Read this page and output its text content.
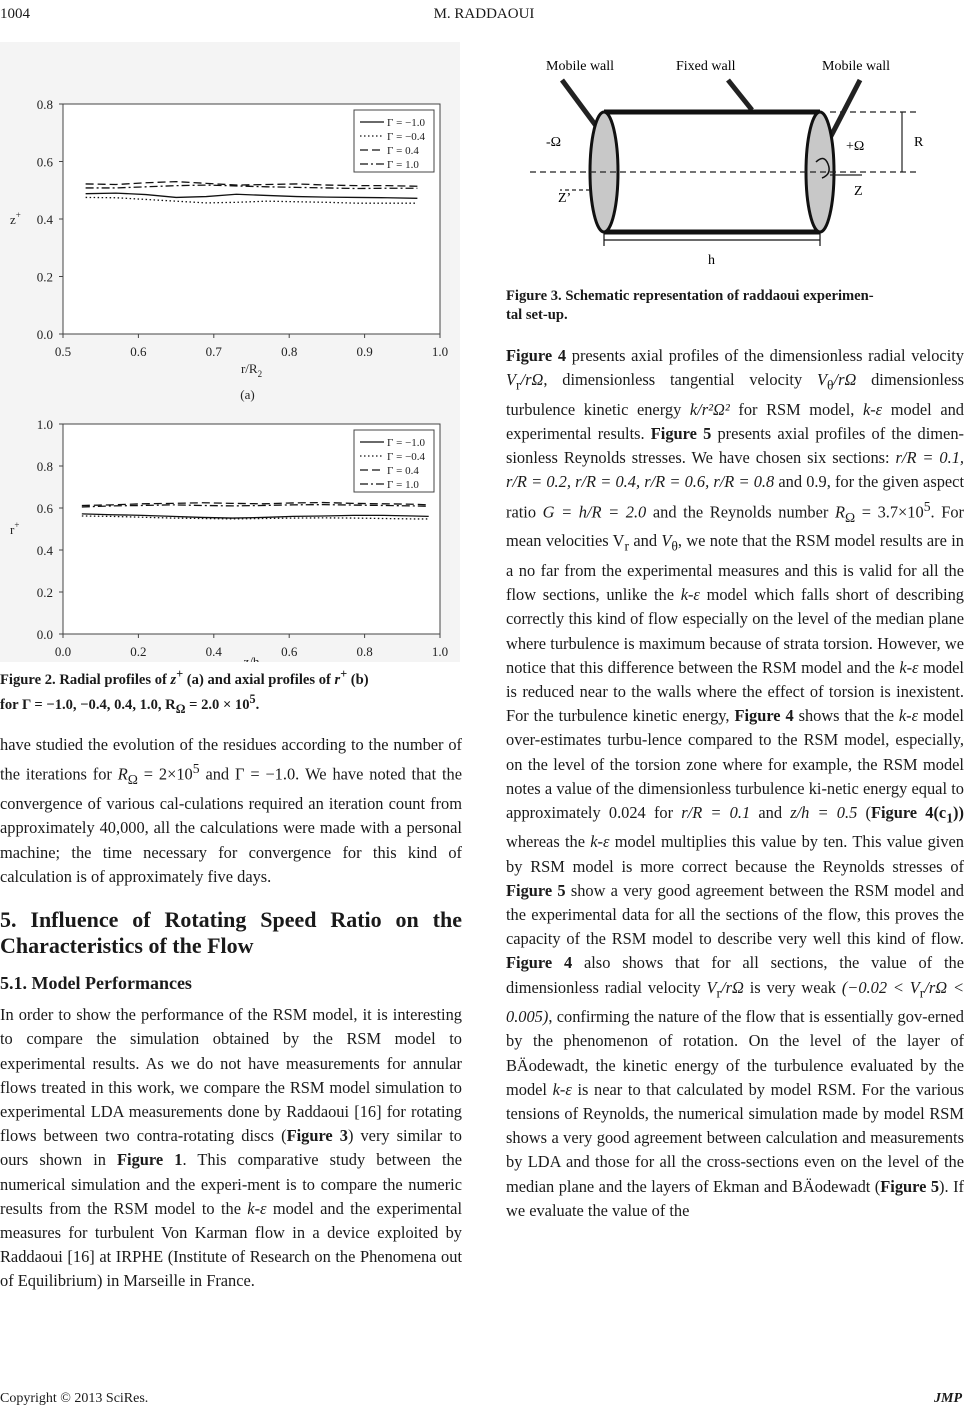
1004	M. RADDAOUI
0.0
0.2
0.4
0.6
0.8
0.5	0.6	0.7	0.8	0.9	1.0
$r/R_2$
z+
(a)
Γ = −1.0
Γ = −0.4
Γ = 0.4
Γ = 1.0
0.0
0.2
0.4
0.6
0.8
1.0
0.0	0.2	0.4	0.6	0.8	1.0
z/h
r+
Γ = −1.0
Γ = −0.4
Γ = 0.4
Γ = 1.0
Figure 2. Radial profiles of z+ (a) and axial profiles of r+ (b)
for Γ = −1.0, −0.4, 0.4, 1.0, $R_\Omega = 2.0 \times 10^5$.

have studied the evolution of the residues according to the number of the iterations for $R_\Omega = 2\times 10^5$ and Γ = −1.0. We have noted that the convergence of various cal-culations required an iteration count from approximately 40,000, all the calculations were made with a personal machine; the time necessary for convergence for this kind of calculation is of approximately five days.

5. Influence of Rotating Speed Ratio on the Characteristics of the Flow
5.1. Model Performances

In order to show the performance of the RSM model, it is interesting to compare the simulation obtained by the RSM model to experimental results. As we do not have measurements for annular flows treated in this work, we compare the RSM model simulation to experimental LDA measurements done by Raddaoui [16] for rotating flows between two contra-rotating discs (Figure 3) very similar to ours shown in Figure 1. This comparative study between the numerical simulation and the experi-ment is to compare the numeric results from the RSM model to the k-ε model and the experimental measures for turbulent Von Karman flow in a device exploited by Raddaoui [16] at IRPHE (Institute of Research on the Phenomena out of Equilibrium) in Marseille in France.

Mobile wall	Fixed wall	Mobile wall
R
-Ω	+Ω
Z’	Z
h
Figure 3. Schematic representation of raddaoui experimen-
tal set-up.

Figure 4 presents axial profiles of the dimensionless radial velocity $V_r/r\Omega$, dimensionless tangential velocity $V_\theta/r\Omega$ dimensionless turbulence kinetic energy k/r²Ω² for RSM model, k-ε model and experimental results. Figure 5 presents axial profiles of the dimen-sionless Reynolds stresses. We have chosen six sections: r/R = 0.1, r/R = 0.2, r/R = 0.4, r/R = 0.6, r/R = 0.8 and 0.9, for the given aspect ratio G = h/R = 2.0 and the Reynolds number $R_\Omega = 3.7\times 10^5$. For mean velocities $V_r$ and $V_\theta$, we note that the RSM model results are in a no far from the experimental measures and this is valid for all the flow sections, unlike the k-ε model which falls short of describing correctly this kind of flow especially on the level of the median plane where turbulence is maximum because of strata torsion. However, we notice that this difference between the RSM model and the k-ε model is reduced near to the walls where the effect of torsion is inexistent. For the turbulence kinetic energy, Figure 4 shows that the k-ε model over-estimates turbu-lence compared to the RSM model, especially, on the level of the torsion zone where for example, the RSM model notes a value of the dimensionless turbulence ki-netic energy equal to approximately 0.024 for r/R = 0.1 and z/h = 0.5 (Figure $4(c_1)$) whereas the k-ε model multiplies this value by ten. This value given by RSM model is more correct because the Reynolds stresses of Figure 5 show a very good agreement between the RSM model and the experimental data for all the sections of the flow, this proves the capacity of the RSM model to describe very well this kind of flow. Figure 4 also shows that for all sections, the value of the dimensionless radial velocity $V_r/r\Omega$ is very weak $(-0.02 < V_r/r\Omega < 0.005)$, confirming the nature of the flow that is essentially gov-erned by the phenomenon of rotation. On the level of the layer of BÄodewadt, the kinetic energy of the turbulence evaluated by the model k-ε is near to that calculated by model RSM. For the various tensions of Reynolds, the numerical simulation made by model RSM shows a very good agreement between calculation and measurements by LDA and those for all the cross-sections even on the level of the median plane and the layers of Ekman and BÄodewadt (Figure 5). If we evaluate the value of the

Copyright © 2013 SciRes.	JMP
